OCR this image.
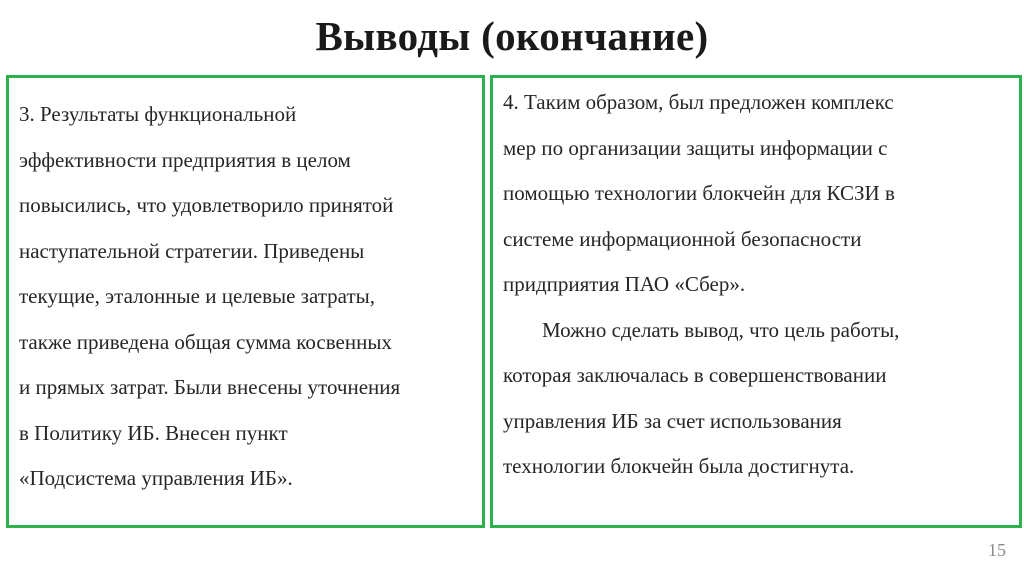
Выводы (окончание)

3. Результаты функциональной
эффективности предприятия в целом
повысились, что удовлетворило принятой
наступательной стратегии. Приведены
текущие, эталонные и целевые затраты,
также приведена общая сумма косвенных
и прямых затрат. Были внесены уточнения
в Политику ИБ. Внесен пункт
«Подсистема управления ИБ».

4. Таким образом, был предложен комплекс
мер по организации защиты информации с
помощью технологии блокчейн для КСЗИ в
системе информационной безопасности
придприятия ПАО «Сбер».

Можно сделать вывод, что цель работы,
которая заключалась в совершенствовании
управления ИБ за счет использования
технологии блокчейн была достигнута.

15
